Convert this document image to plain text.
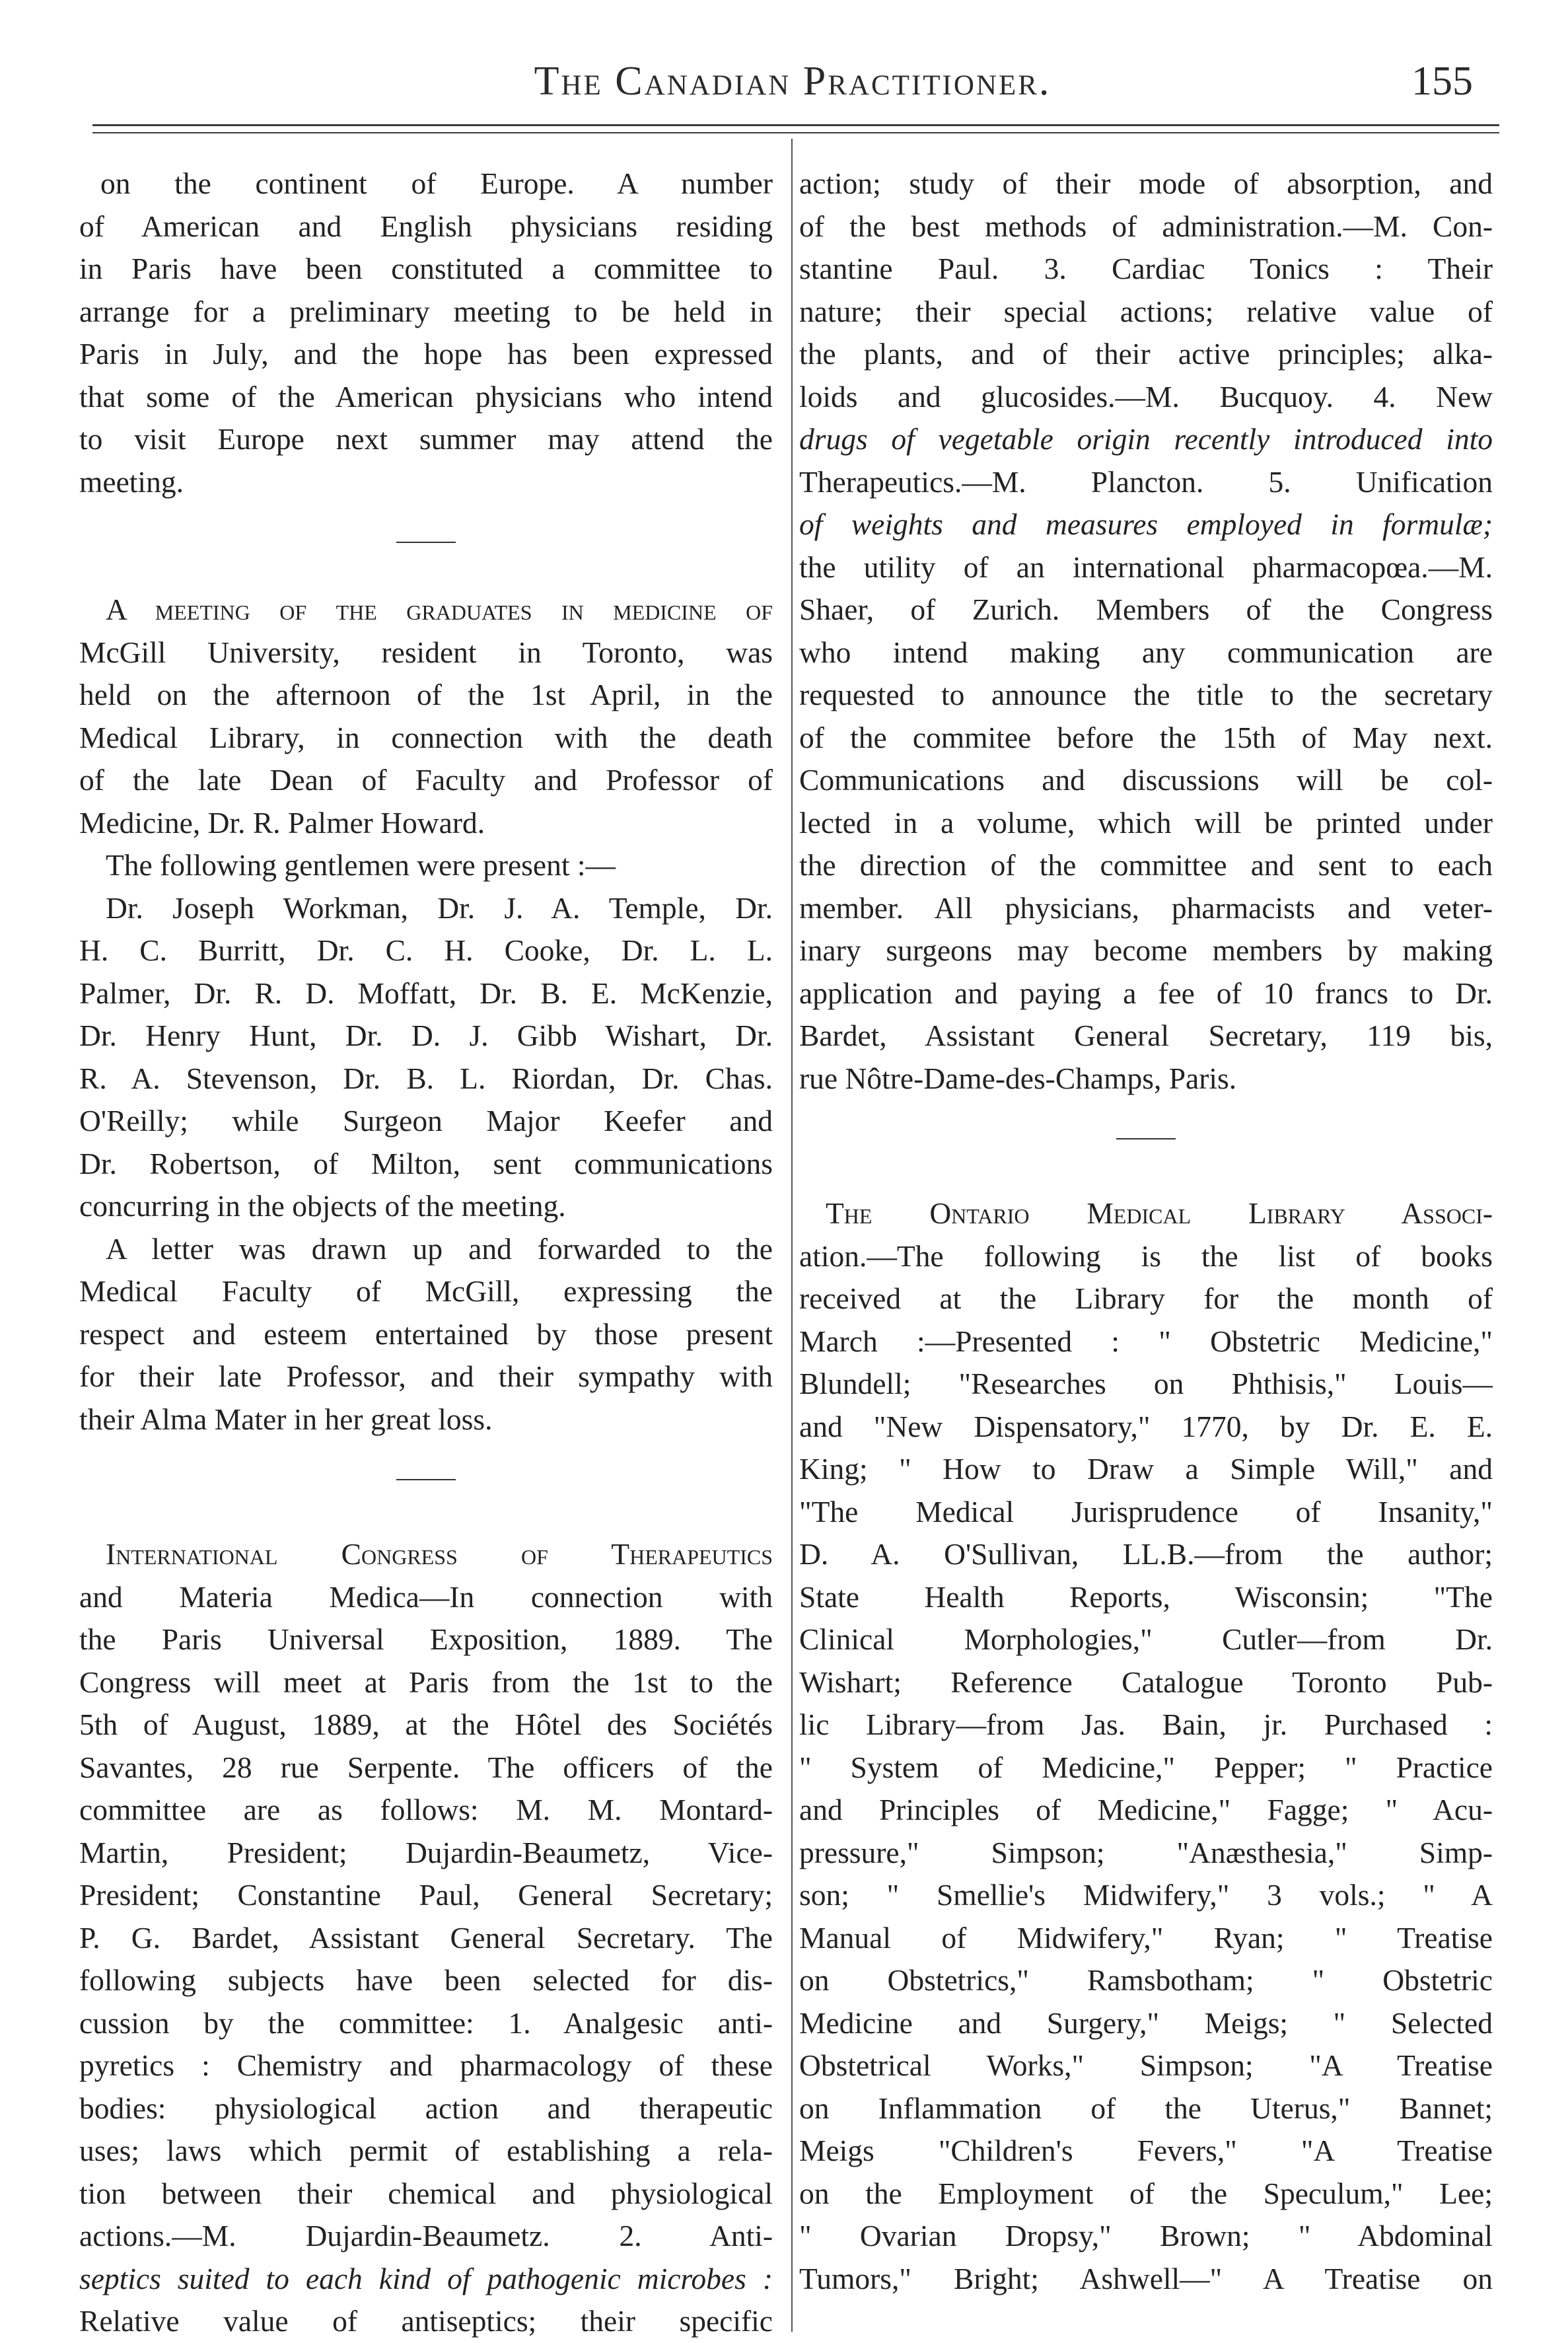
The Canadian Practitioner.	155
on the continent of Europe. A number
of American and English physicians residing
in Paris have been constituted a committee to
arrange for a preliminary meeting to be held in
Paris in July, and the hope has been expressed
that some of the American physicians who intend
to visit Europe next summer may attend the
meeting.
A meeting of the graduates in medicine of
McGill University, resident in Toronto, was
held on the afternoon of the 1st April, in the
Medical Library, in connection with the death
of the late Dean of Faculty and Professor of
Medicine, Dr. R. Palmer Howard.
The following gentlemen were present :—
Dr. Joseph Workman, Dr. J. A. Temple, Dr.
H. C. Burritt, Dr. C. H. Cooke, Dr. L. L.
Palmer, Dr. R. D. Moffatt, Dr. B. E. McKenzie,
Dr. Henry Hunt, Dr. D. J. Gibb Wishart, Dr.
R. A. Stevenson, Dr. B. L. Riordan, Dr. Chas.
O'Reilly; while Surgeon Major Keefer and
Dr. Robertson, of Milton, sent communications
concurring in the objects of the meeting.
A letter was drawn up and forwarded to the
Medical Faculty of McGill, expressing the
respect and esteem entertained by those present
for their late Professor, and their sympathy with
their Alma Mater in her great loss.
International Congress of Therapeutics
and Materia Medica—In connection with
the Paris Universal Exposition, 1889. The
Congress will meet at Paris from the 1st to the
5th of August, 1889, at the Hôtel des Sociétés
Savantes, 28 rue Serpente. The officers of the
committee are as follows: M. M. Montard-
Martin, President; Dujardin-Beaumetz, Vice-
President; Constantine Paul, General Secretary;
P. G. Bardet, Assistant General Secretary. The
following subjects have been selected for dis-
cussion by the committee: 1. Analgesic anti-
pyretics : Chemistry and pharmacology of these
bodies: physiological action and therapeutic
uses; laws which permit of establishing a rela-
tion between their chemical and physiological
actions.—M. Dujardin-Beaumetz. 2. Anti-
septics suited to each kind of pathogenic microbes :
Relative value of antiseptics; their specific
action; study of their mode of absorption, and
of the best methods of administration.—M. Con-
stantine Paul. 3. Cardiac Tonics : Their
nature; their special actions; relative value of
the plants, and of their active principles; alka-
loids and glucosides.—M. Bucquoy. 4. New
drugs of vegetable origin recently introduced into
Therapeutics.—M. Plancton. 5. Unification
of weights and measures employed in formulæ;
the utility of an international pharmacopœa.—M.
Shaer, of Zurich. Members of the Congress
who intend making any communication are
requested to announce the title to the secretary
of the commitee before the 15th of May next.
Communications and discussions will be col-
lected in a volume, which will be printed under
the direction of the committee and sent to each
member. All physicians, pharmacists and veter-
inary surgeons may become members by making
application and paying a fee of 10 francs to Dr.
Bardet, Assistant General Secretary, 119 bis,
rue Nôtre-Dame-des-Champs, Paris.
The Ontario Medical Library Associ-
ation.—The following is the list of books
received at the Library for the month of
March :—Presented : " Obstetric Medicine,"
Blundell; "Researches on Phthisis," Louis—
and "New Dispensatory," 1770, by Dr. E. E.
King; " How to Draw a Simple Will," and
"The Medical Jurisprudence of Insanity,"
D. A. O'Sullivan, LL.B.—from the author;
State Health Reports, Wisconsin; "The
Clinical Morphologies," Cutler—from Dr.
Wishart; Reference Catalogue Toronto Pub-
lic Library—from Jas. Bain, jr. Purchased :
" System of Medicine," Pepper; " Practice
and Principles of Medicine," Fagge; " Acu-
pressure," Simpson; "Anæsthesia," Simp-
son; " Smellie's Midwifery," 3 vols.; " A
Manual of Midwifery," Ryan; " Treatise
on Obstetrics," Ramsbotham; " Obstetric
Medicine and Surgery," Meigs; " Selected
Obstetrical Works," Simpson; "A Treatise
on Inflammation of the Uterus," Bannet;
Meigs "Children's Fevers," "A Treatise
on the Employment of the Speculum," Lee;
" Ovarian Dropsy," Brown; " Abdominal
Tumors," Bright; Ashwell—" A Treatise on
